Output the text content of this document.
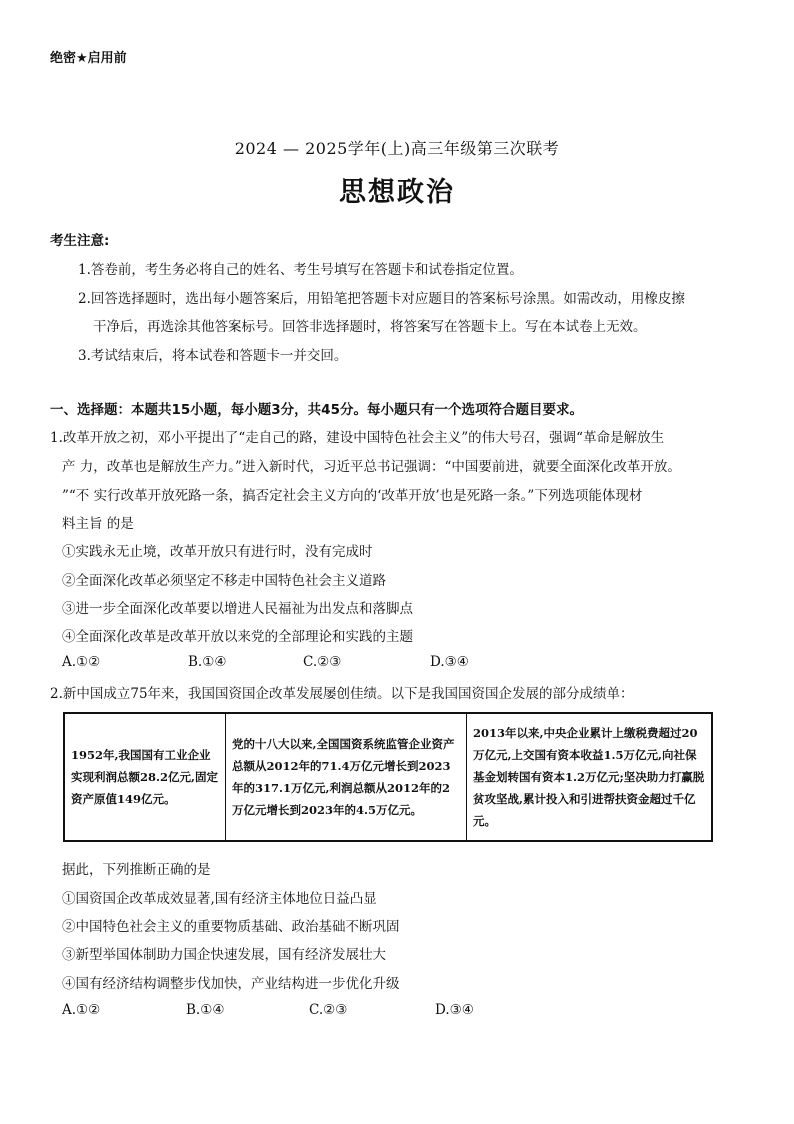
绝密★启用前
2024 — 2025学年(上)高三年级第三次联考
思想政治
考生注意:
1.答卷前，考生务必将自己的姓名、考生号填写在答题卡和试卷指定位置。
2.回答选择题时，选出每小题答案后，用铅笔把答题卡对应题目的答案标号涂黑。如需改动，用橡皮擦
干净后，再选涂其他答案标号。回答非选择题时，将答案写在答题卡上。写在本试卷上无效。
3.考试结束后，将本试卷和答题卡一并交回。
一、选择题：本题共15小题，每小题3分，共45分。每小题只有一个选项符合题目要求。
1.改革开放之初，邓小平提出了“走自己的路，建设中国特色社会主义”的伟大号召，强调“革命是解放生
产 力，改革也是解放生产力。”进入新时代，习近平总书记强调：“中国要前进，就要全面深化改革开放。
”“不 实行改革开放死路一条，搞否定社会主义方向的‘改革开放’也是死路一条。”下列选项能体现材
料主旨 的是
①实践永无止境，改革开放只有进行时，没有完成时
②全面深化改革必须坚定不移走中国特色社会主义道路
③进一步全面深化改革要以增进人民福祉为出发点和落脚点
④全面深化改革是改革开放以来党的全部理论和实践的主题
A.①②	B.①④	C.②③	D.③④
2.新中国成立75年来，我国国资国企改革发展屡创佳绩。以下是我国国资国企发展的部分成绩单：
1952年,我国国有工业企业实现利润总额28.2亿元,固定资产原值149亿元。	党的十八大以来,全国国资系统监管企业资产总额从2012年的71.4万亿元增长到2023年的317.1万亿元,利润总额从2012年的2万亿元增长到2023年的4.5万亿元。	2013年以来,中央企业累计上缴税费超过20万亿元,上交国有资本收益1.5万亿元,向社保基金划转国有资本1.2万亿元;坚决助力打赢脱贫攻坚战,累计投入和引进帮扶资金超过千亿元。
据此，下列推断正确的是
①国资国企改革成效显著,国有经济主体地位日益凸显
②中国特色社会主义的重要物质基础、政治基础不断巩固
③新型举国体制助力国企快速发展，国有经济发展壮大
④国有经济结构调整步伐加快，产业结构进一步优化升级
A.①②	B.①④	C.②③	D.③④
